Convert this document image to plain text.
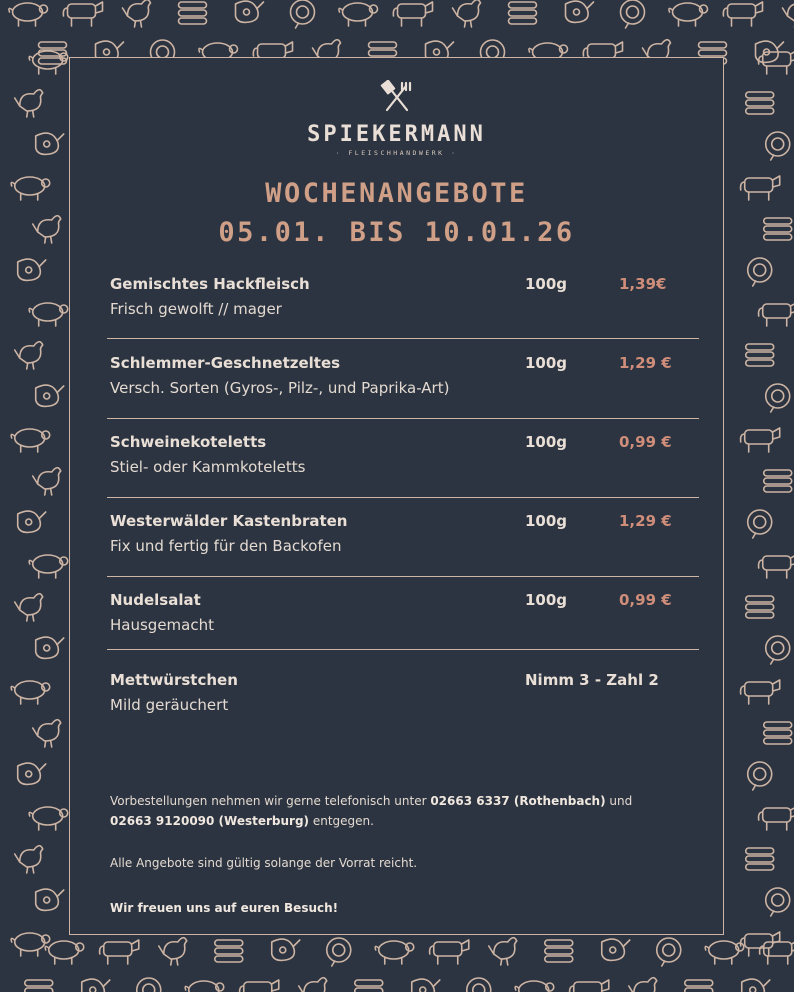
SPIEKERMANN
· FLEISCHHANDWERK ·
WOCHENANGEBOTE
05.01. BIS 10.01.26
Gemischtes Hackfleisch
Frisch gewolft // mager
100g	1,39€
Schlemmer-Geschnetzeltes
Versch. Sorten (Gyros-, Pilz-, und Paprika-Art)
100g	1,29 €
Schweinekoteletts
Stiel- oder Kammkoteletts
100g	0,99 €
Westerwälder Kastenbraten
Fix und fertig für den Backofen
100g	1,29 €
Nudelsalat
Hausgemacht
100g	0,99 €
Mettwürstchen
Mild geräuchert
Nimm 3 - Zahl 2
Vorbestellungen nehmen wir gerne telefonisch unter 02663 6337 (Rothenbach) und
02663 9120090 (Westerburg) entgegen.
Alle Angebote sind gültig solange der Vorrat reicht.
Wir freuen uns auf euren Besuch!
